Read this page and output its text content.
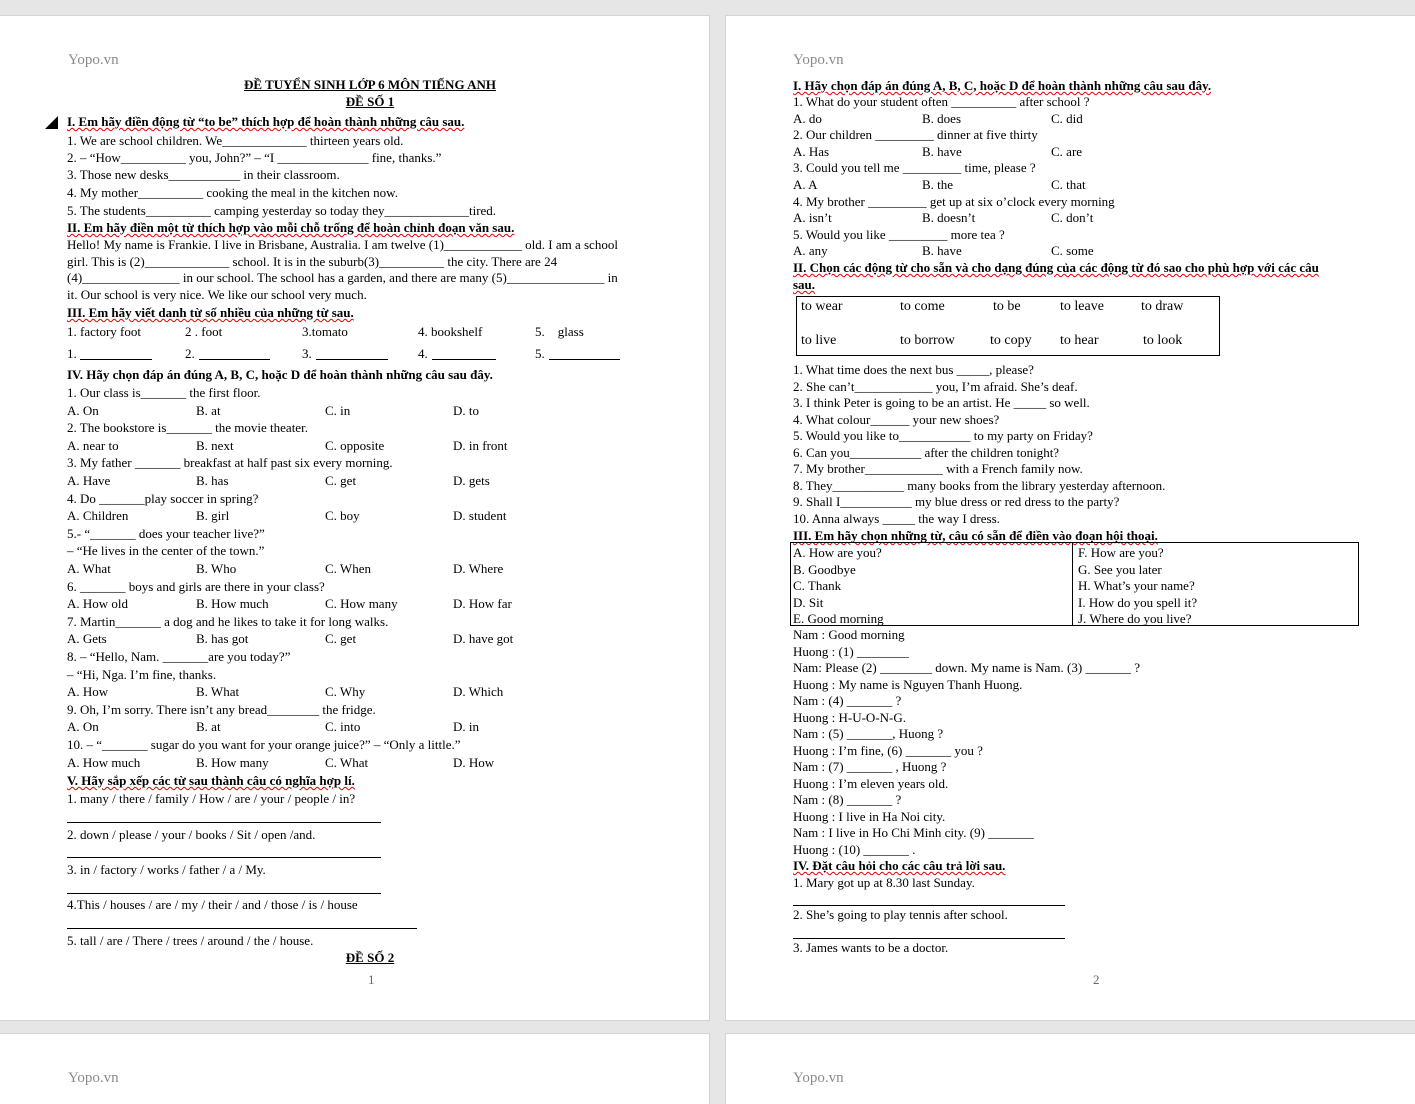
Yopo.vn
ĐỀ TUYỂN SINH LỚP 6 MÔN TIẾNG ANH
ĐỀ SỐ 1
I. Em hãy điền động từ “to be” thích hợp để hoàn thành những câu sau.
1. We are school children. We_____________ thirteen years old.
2. – “How__________ you, John?” – “I ______________ fine, thanks.”
3. Those new desks___________ in their classroom.
4. My mother__________ cooking the meal in the kitchen now.
5. The students__________ camping yesterday so today they_____________tired.
II. Em hãy điền một từ thích hợp vào mỗi chỗ trống để hoàn chỉnh đoạn văn sau.
Hello! My name is Frankie. I live in Brisbane, Australia. I am twelve (1)____________ old. I am a school
girl. This is (2)_____________ school. It is in the suburb(3)__________ the city. There are 24
(4)_______________ in our school. The school has a garden, and there are many (5)_______________ in
it. Our school is very nice. We like our school very much.
III. Em hãy viết danh từ số nhiều của những từ sau.
1. factory foot	2 . foot	3.tomato	4. bookshelf	5.    glass
1.	2.	3.	4.	5.
IV. Hãy chọn đáp án đúng A, B, C, hoặc D để hoàn thành những câu sau đây.
V. Hãy sắp xếp các từ sau thành câu có nghĩa hợp lí.
1. many / there / family / How / are / your / people / in?
2. down / please / your / books / Sit / open /and.
3. in / factory / works / father / a / My.
4.This / houses / are / my / their / and / those / is / house
5. tall / are / There / trees / around / the / house.
ĐỀ SỐ 2
1
1. Our class is_______ the first floor.
A. On	B. at	C. in	D. to
2. The bookstore is_______ the movie theater.
A. near to	B. next	C. opposite	D. in front
3. My father _______ breakfast at half past six every morning.
A. Have	B. has	C. get	D. gets
4. Do _______play soccer in spring?
A. Children	B. girl	C. boy	D. student
5.- “_______ does your teacher live?”
– “He lives in the center of the town.”
A. What	B. Who	C. When	D. Where
6. _______ boys and girls are there in your class?
A. How old	B. How much	C. How many	D. How far
7. Martin_______ a dog and he likes to take it for long walks.
A. Gets	B. has got	C. get	D. have got
8. – “Hello, Nam. _______are you today?”
– “Hi, Nga. I’m fine, thanks.
A. How	B. What	C. Why	D. Which
9. Oh, I’m sorry. There isn’t any bread________ the fridge.
A. On	B. at	C. into	D. in
10. – “_______ sugar do you want for your orange juice?” – “Only a little.”
A. How much	B. How many	C. What	D. How
Yopo.vn
I. Hãy chọn đáp án đúng A, B, C, hoặc D để hoàn thành những câu sau đây.
II. Chọn các động từ cho sẵn và cho dạng đúng của các động từ đó sao cho phù hợp với các câu
sau.
to wear	to come	to be	to leave	to draw
to live	to borrow	to copy to hear	to look
III. Em hãy chọn những từ, câu có sẵn để điền vào đoạn hội thoại.
IV. Đặt câu hỏi cho các câu trả lời sau.
1. Mary got up at 8.30 last Sunday.
2. She’s going to play tennis after school.
3. James wants to be a doctor.
2
1. What do your student often __________ after school ?
A. do	B. does	C. did
2. Our children _________ dinner at five thirty
A. Has	B. have	C. are
3. Could you tell me _________ time, please ?
A. A	B. the	C. that
4. My brother _________ get up at six o’clock every morning
A. isn’t	B. doesn’t	C. don’t
5. Would you like _________ more tea ?
A. any	B. have	C. some
1. What time does the next bus _____, please?
2. She can’t____________ you, I’m afraid. She’s deaf.
3. I think Peter is going to be an artist. He _____ so well.
4. What colour______ your new shoes?
5. Would you like to___________ to my party on Friday?
6. Can you___________ after the children tonight?
7. My brother____________ with a French family now.
8. They___________ many books from the library yesterday afternoon.
9. Shall I___________ my blue dress or red dress to the party?
10. Anna always _____ the way I dress.
A. How are you?	F. How are you?
B. Goodbye	G. See you later
C. Thank	H. What’s your name?
D. Sit	I. How do you spell it?
E. Good morning	J. Where do you live?
Nam : Good morning
Huong : (1) ________
Nam: Please (2) ________ down. My name is Nam. (3) _______ ?
Huong : My name is Nguyen Thanh Huong.
Nam : (4) _______ ?
Huong : H-U-O-N-G.
Nam : (5) _______, Huong ?
Huong : I’m fine, (6) _______ you ?
Nam : (7) _______ , Huong ?
Huong : I’m eleven years old.
Nam : (8) _______ ?
Huong : I live in Ha Noi city.
Nam : I live in Ho Chi Minh city. (9) _______
Huong : (10) _______ .
Yopo.vn	Yopo.vn
